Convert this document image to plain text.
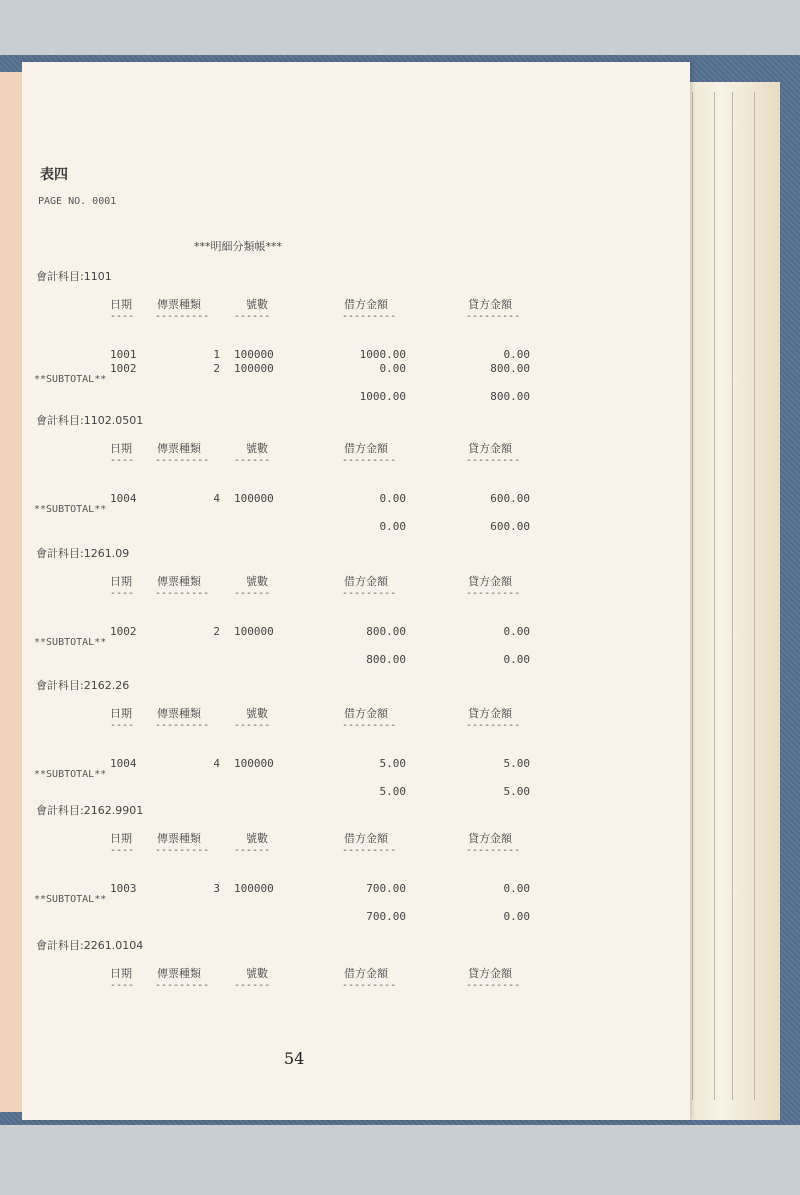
表四
PAGE NO. 0001
***明細分類帳***
會計科目:1101
日期 傳票種類	號數	借方金額	貸方金額
---- --------- ------	---------	---------
1001	1 100000	1000.00	0.00
1002	2 100000	0.00	800.00
**SUBTOTAL**
1000.00	800.00
會計科目:1102.0501
日期 傳票種類	號數	借方金額	貸方金額
---- --------- ------	---------	---------
1004	4 100000	0.00	600.00
**SUBTOTAL**
0.00	600.00
會計科目:1261.09
日期 傳票種類	號數	借方金額	貸方金額
---- --------- ------	---------	---------
1002	2 100000	800.00	0.00
**SUBTOTAL**
800.00	0.00
會計科目:2162.26
日期 傳票種類	號數	借方金額	貸方金額
---- --------- ------	---------	---------
1004	4 100000	5.00	5.00
**SUBTOTAL**
5.00	5.00
會計科目:2162.9901
日期 傳票種類	號數	借方金額	貸方金額
---- --------- ------	---------	---------
1003	3 100000	700.00	0.00
**SUBTOTAL**
700.00	0.00
會計科目:2261.0104
日期 傳票種類	號數	借方金額	貸方金額
---- --------- ------	---------	---------
54
